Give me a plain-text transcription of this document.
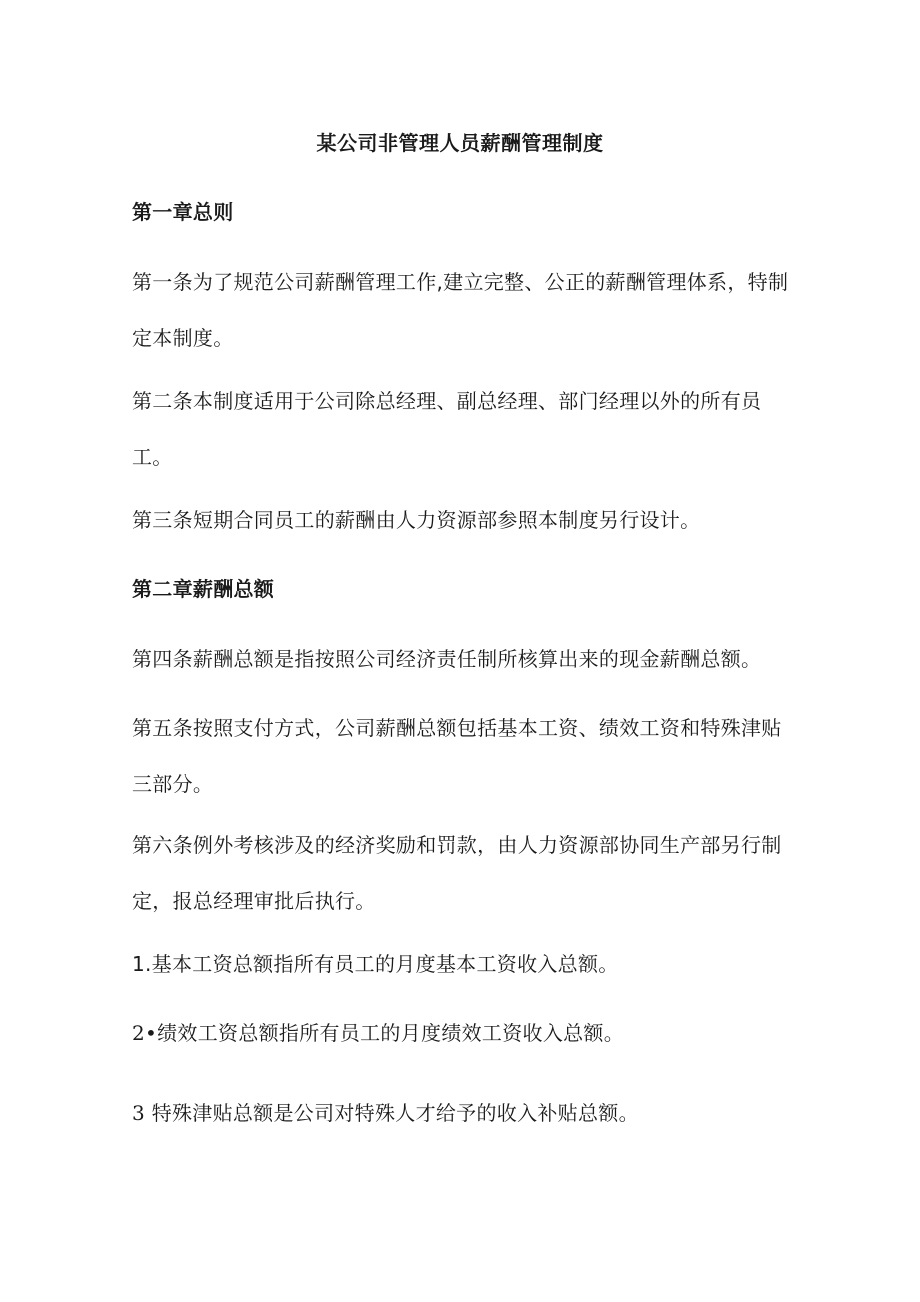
某公司非管理人员薪酬管理制度
第一章总则

第一条为了规范公司薪酬管理工作,建立完整、公正的薪酬管理体系，特制

定本制度。

第二条本制度适用于公司除总经理、副总经理、部门经理以外的所有员

工。

第三条短期合同员工的薪酬由人力资源部参照本制度另行设计。

第二章薪酬总额

第四条薪酬总额是指按照公司经济责任制所核算出来的现金薪酬总额。

第五条按照支付方式，公司薪酬总额包括基本工资、绩效工资和特殊津贴

三部分。

第六条例外考核涉及的经济奖励和罚款，由人力资源部协同生产部另行制

定，报总经理审批后执行。

1.基本工资总额指所有员工的月度基本工资收入总额。

2•绩效工资总额指所有员工的月度绩效工资收入总额。

3 特殊津贴总额是公司对特殊人才给予的收入补贴总额。
